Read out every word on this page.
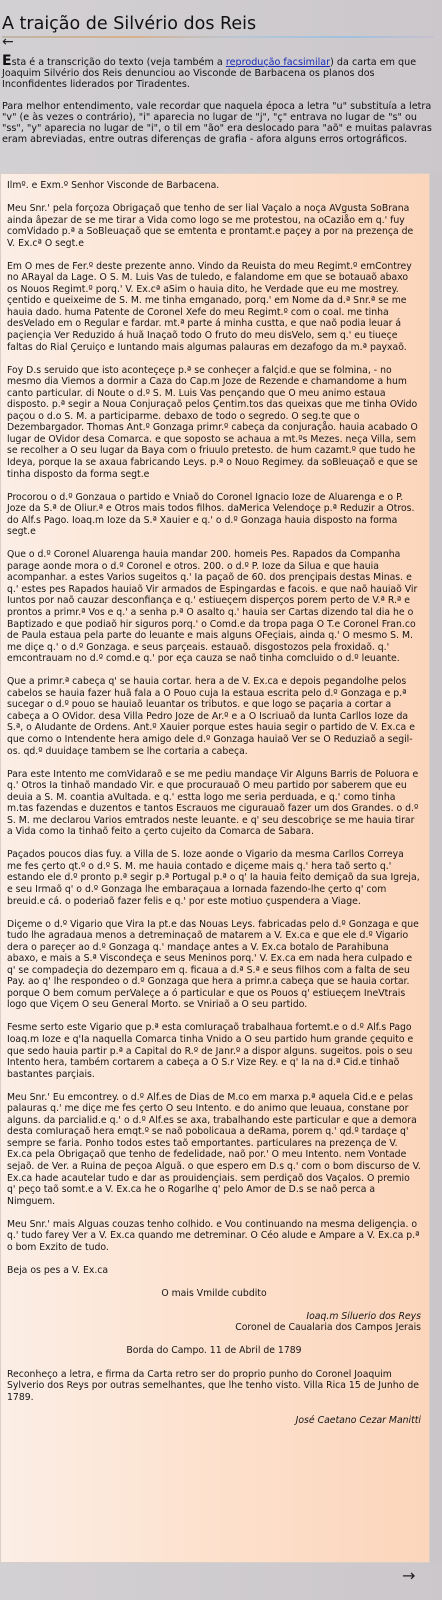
A traição de Silvério dos Reis
←

Esta é a transcrição do texto (veja também a reprodução facsimilar) da carta em que Joaquim Silvério dos Reis denunciou ao Visconde de Barbacena os planos dos Inconfidentes liderados por Tiradentes.

Para melhor entendimento, vale recordar que naquela época a letra "u" substituía a letra "v" (e às vezes o contrário), "i" aparecia no lugar de "j", "ç" entrava no lugar de "s" ou "ss", "y" aparecia no lugar de "i", o til em "ão" era deslocado para "aõ" e muitas palavras eram abreviadas, entre outras diferenças de grafia - afora alguns erros ortográficos.

Ilmº. e Exm.º Senhor Visconde de Barbacena.

Meu Snr.' pela forçoza Obrigaçaõ que tenho de ser lial Vaçalo a noça AVgusta SoBrana ainda âpezar de se me tirar a Vida como logo se me protestou, na oCaziåo em q.' fuy comVidado p.ª a SoBleuaçaõ que se emtenta e prontamt.e paçey a por na prezença de V. Ex.cª O segt.e

Em O mes de Fer.º deste prezente anno. Vindo da Reuista do meu Regimt.º emContrey no ARayal da Lage. O S. M. Luis Vas de tuledo, e falandome em que se botauaõ abaxo os Nouos Regimt.º porq.' V. Ex.cª aSim o hauia dito, he Verdade que eu me mostrey. çentido e queixeime de S. M. me tinha emganado, porq.' em Nome da d.ª Snr.ª se me hauia dado. huma Patente de Coronel Xefe do meu Regimt.º com o coal. me tinha desVelado em o Regular e fardar. mt.ª parte á minha custta, e que naõ podia leuar á paçiençia Ver Reduzido á huã Inaçaõ todo O fruto do meu disVelo, sem q.' eu tiueçe faltas do Rial Çeruiço e Iuntando mais algumas palauras em dezafogo da m.ª payxaõ.

Foy D.s seruido que isto aconteçeçe p.ª se conheçer a falçid.e que se folmina, - no mesmo dia Viemos a dormir a Caza do Cap.m Joze de Rezende e chamandome a hum canto particular. di Noute o d.º S. M. Luis Vas pençando que O meu animo estaua disposto. p.ª segir a Noua Conjuraçaõ pelos Çentim.tos das queixas que me tinha OVido paçou o d.o S. M. a participarme. debaxo de todo o segredo. O seg.te que o Dezembargador. Thomas Ant.º Gonzaga primr.º cabeça da conjuraçåo. hauia acabado O lugar de OVidor desa Comarca. e que soposto se achaua a mt.ºs Mezes. neça Villa, sem se recolher a O seu lugar da Baya com o friuulo pretesto. de hum cazamt.º que tudo he Ideya, porque Ia se axaua fabricando Leys. p.ª o Nouo Regimey. da soBleuaçaõ e que se tinha disposto da forma segt.e

Procorou o d.º Gonzaua o partido e Vniaõ do Coronel Ignacio Ioze de Aluarenga e o P. Joze da S.ª de Oliur.ª e Otros mais todos filhos. daMerica Velendoçe p.ª Reduzir a Otros. do Alf.s Pago. Ioaq.m Ioze da S.ª Xauier e q.' o d.º Gonzaga hauia disposto na forma segt.e

Que o d.º Coronel Aluarenga hauia mandar 200. homeis Pes. Rapados da Companha parage aonde mora o d.º Coronel e otros. 200. o d.º P. Ioze da Silua e que hauia acompanhar. a estes Varios sugeitos q.' Ia paçaõ de 60. dos prençipais destas Minas. e q.' estes pes Rapados hauiaõ Vir armados de Espingardas e facois. e que naõ hauiaõ Vir Iuntos por naõ cauzar desconfiança e q.' estiueçem disperços porem perto de V.ª R.ª e prontos a primr.ª Vos e q.' a senha p.ª O asalto q.' hauia ser Cartas dizendo tal dia he o Baptizado e que podiaõ hir siguros porq.' o Comd.e da tropa paga O T.e Coronel Fran.co de Paula estaua pela parte do leuante e mais alguns OFeçiais, ainda q.' O mesmo S. M. me diçe q.' o d.º Gonzaga. e seus parçeais. estauaõ. disgostozos pela froxidaõ. q.' emcontrauam no d.º comd.e q.' por eça cauza se naõ tinha comcluido o d.º leuante.

Que a primr.ª cabeça q' se hauia cortar. hera a de V. Ex.ca e depois pegandolhe pelos cabelos se hauia fazer huã fala a O Pouo cuja Ia estaua escrita pelo d.º Gonzaga e p.ª sucegar o d.º pouo se hauiaõ leuantar os tributos. e que logo se paçaria a cortar a cabeça a O OVidor. desa Villa Pedro Joze de Ar.º e a O Iscriuaõ da Iunta Carllos Ioze da S.ª, o AIudante de Ordens. Ant.º Xauier porque estes hauia segir o partido de V. Ex.ca e que como o Intendente hera amigo dele d.º Gonzaga hauiaõ Ver se O Reduziaõ a segil-os. qd.º duuidaçe tambem se lhe cortaria a cabeça.

Para este Intento me comVidaraõ e se me pediu mandaçe Vir Alguns Barris de Poluora e q.' Otros Ia tinhaõ mandado Vir. e que procurauaõ O meu partido por saberem que eu deuia a S. M. coantia aVultada. e q.' estta logo me seria perduada, e q.' como tinha m.tas fazendas e duzentos e tantos Escrauos me cigurauaõ fazer um dos Grandes. o d.º S. M. me declarou Varios emtrados neste leuante. e q' seu descobriçe se me hauia tirar a Vida como Ia tinhaõ feito a çerto cujeito da Comarca de Sabara.

Paçados poucos dias fuy. a Villa de S. Ioze aonde o Vigario da mesma Carllos Correya me fes çerto qt.º o d.º S. M. me hauia contado e diçeme mais q.' hera taõ serto q.' estando ele d.º pronto p.ª segir p.ª Portugal p.ª o q' Ia hauia feito demiçaõ da sua Igreja, e seu Irmaõ q' o d.º Gonzaga lhe embaraçaua a Iornada fazendo-lhe çerto q' com breuid.e cá. o poderiaõ fazer felis e q.' por este motiuo çuspendera a Viage.

Diçeme o d.º Vigario que Vira Ia pt.e das Nouas Leys. fabricadas pelo d.º Gonzaga e que tudo lhe agradaua menos a detreminaçaõ de matarem a V. Ex.ca e que ele d.º Vigario dera o pareçer ao d.º Gonzaga q.' mandaçe antes a V. Ex.ca botalo de Parahibuna abaxo, e mais a S.ª Viscondeça e seus Meninos porq.' V. Ex.ca em nada hera culpado e q' se compadeçia do dezemparo em q. ficaua a d.ª S.ª e seus filhos com a falta de seu Pay. ao q' lhe respondeo o d.º Gonzaga que hera a primr.a cabeça que se hauia cortar. porque O bem comum perValeçe a ó particular e que os Pouos q' estiueçem IneVtrais logo que Viçem O seu General Morto. se Vniriaõ a O seu partido.

Fesme serto este Vigario que p.ª esta comIuraçaõ trabalhaua fortemt.e o d.º Alf.s Pago Ioaq.m Ioze e q'Ia naquella Comarca tinha Vnido a O seu partido hum grande çequito e que sedo hauia partir p.ª a Capital do R.º de Janr.º a dispor alguns. sugeitos. pois o seu Intento hera, também cortarem a cabeça a O S.r Vize Rey. e q' Ia na d.ª Cid.e tinhaõ bastantes parçiais.

Meu Snr.' Eu emcontrey. o d.º Alf.es de Dias de M.co em marxa p.ª aquela Cid.e e pelas palauras q.' me diçe me fes çerto O seu Intento. e do animo que leuaua, constane por alguns. da parcialid.e q.' o d.º Alf.es se axa, trabalhando este particular e que a demora desta comIuraçaõ hera emqt.º se naõ pobolicaua a deRama, porem q.' qd.º tardaçe q' sempre se faria. Ponho todos estes taõ emportantes. particulares na prezença de V. Ex.ca pela Obrigaçaõ que tenho de fedelidade, naõ por.' O meu Intento. nem Vontade sejaõ. de Ver. a Ruina de peçoa Alguã. o que espero em D.s q.' com o bom discurso de V. Ex.ca hade acautelar tudo e dar as prouidençiais. sem perdiçaõ dos Vaçalos. O premio q' peço taõ somt.e a V. Ex.ca he o Rogarlhe q' pelo Amor de D.s se naõ perca a Nimguem.

Meu Snr.' mais Alguas couzas tenho colhido. e Vou continuando na mesma deligençia. o q.' tudo farey Ver a V. Ex.ca quando me detreminar. O Céo alude e Ampare a V. Ex.ca p.ª o bom Exzito de tudo.

Beja os pes a V. Ex.ca

O mais Vmilde cubdito

Ioaq.m Siluerio dos Reys
Coronel de Caualaria dos Campos Jerais

Borda do Campo. 11 de Abril de 1789

Reconheço a letra, e firma da Carta retro ser do proprio punho do Coronel Joaquim Sylverio dos Reys por outras semelhantes, que lhe tenho visto. Villa Rica 15 de Junho de 1789.

José Caetano Cezar Manitti

→
